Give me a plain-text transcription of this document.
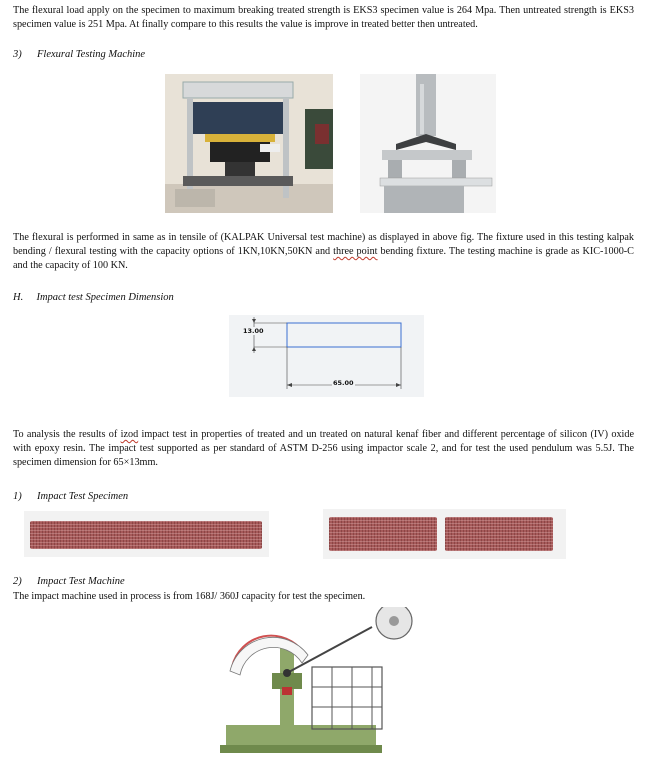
The flexural load apply on the specimen to maximum breaking treated strength is EKS3 specimen value is 264 Mpa. Then untreated strength is EKS3 specimen value is 251 Mpa. At finally compare to this results the value is improve in treated better then untreated.

3) Flexural Testing Machine

The flexural is performed in same as in tensile of (KALPAK Universal test machine) as displayed in above fig. The fixture used in this testing kalpak bending / flexural testing with the capacity options of 1KN,10KN,50KN and three point bending fixture. The testing machine is grade as KIC-1000-C and the capacity of 100 KN.

H. Impact test Specimen Dimension
13.00
65.00

To analysis the results of izod impact test in properties of treated and un treated on natural kenaf fiber and different percentage of silicon (IV) oxide with epoxy resin. The impact test supported as per standard of ASTM D-256 using impactor scale 2, and for test the used pendulum was 5.5J. The specimen dimension for 65×13mm.

1) Impact Test Specimen
2) Impact Test Machine

The impact machine used in process is from 168J/ 360J capacity for test the specimen.
